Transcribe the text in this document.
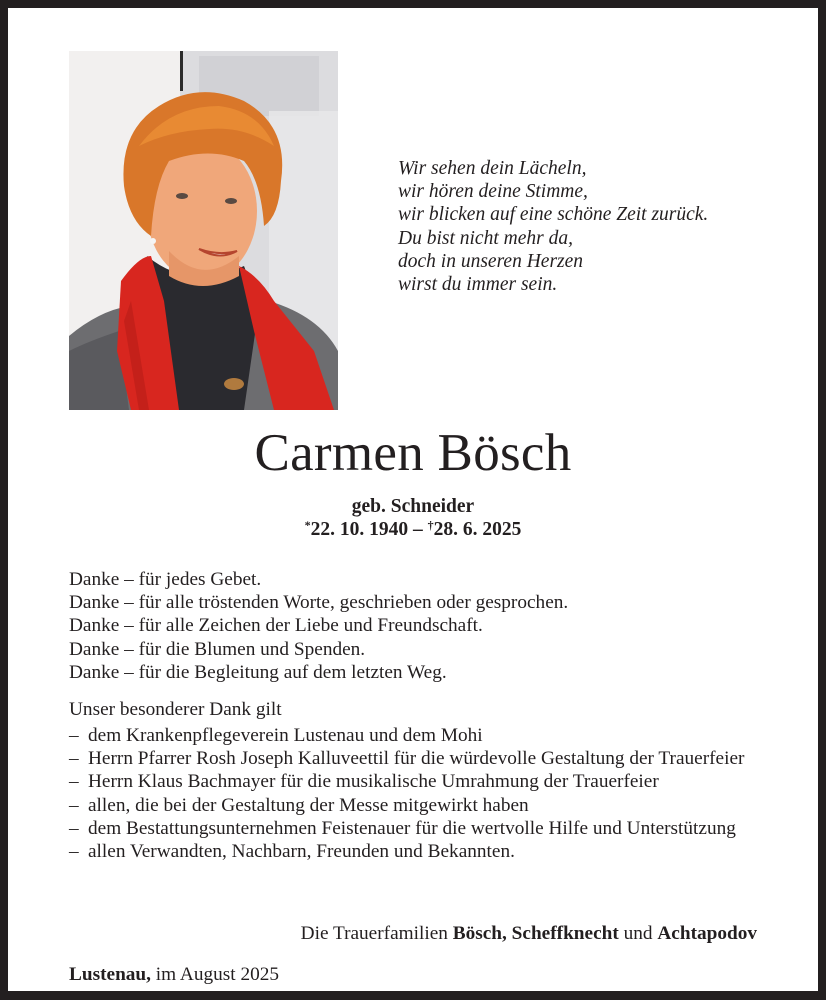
Wir sehen dein Lächeln,
wir hören deine Stimme,
wir blicken auf eine schöne Zeit zurück.
Du bist nicht mehr da,
doch in unseren Herzen
wirst du immer sein.
Carmen Bösch
geb. Schneider
*22. 10. 1940 – †28. 6. 2025
Danke – für jedes Gebet.
Danke – für alle tröstenden Worte, geschrieben oder gesprochen.
Danke – für alle Zeichen der Liebe und Freundschaft.
Danke – für die Blumen und Spenden.
Danke – für die Begleitung auf dem letzten Weg.
Unser besonderer Dank gilt
– dem Krankenpflegeverein Lustenau und dem Mohi
– Herrn Pfarrer Rosh Joseph Kalluveettil für die würdevolle Gestaltung der Trauerfeier
– Herrn Klaus Bachmayer für die musikalische Umrahmung der Trauerfeier
– allen, die bei der Gestaltung der Messe mitgewirkt haben
– dem Bestattungsunternehmen Feistenauer für die wertvolle Hilfe und Unterstützung
– allen Verwandten, Nachbarn, Freunden und Bekannten.
Die Trauerfamilien Bösch, Scheffknecht und Achtapodov
Lustenau, im August 2025
